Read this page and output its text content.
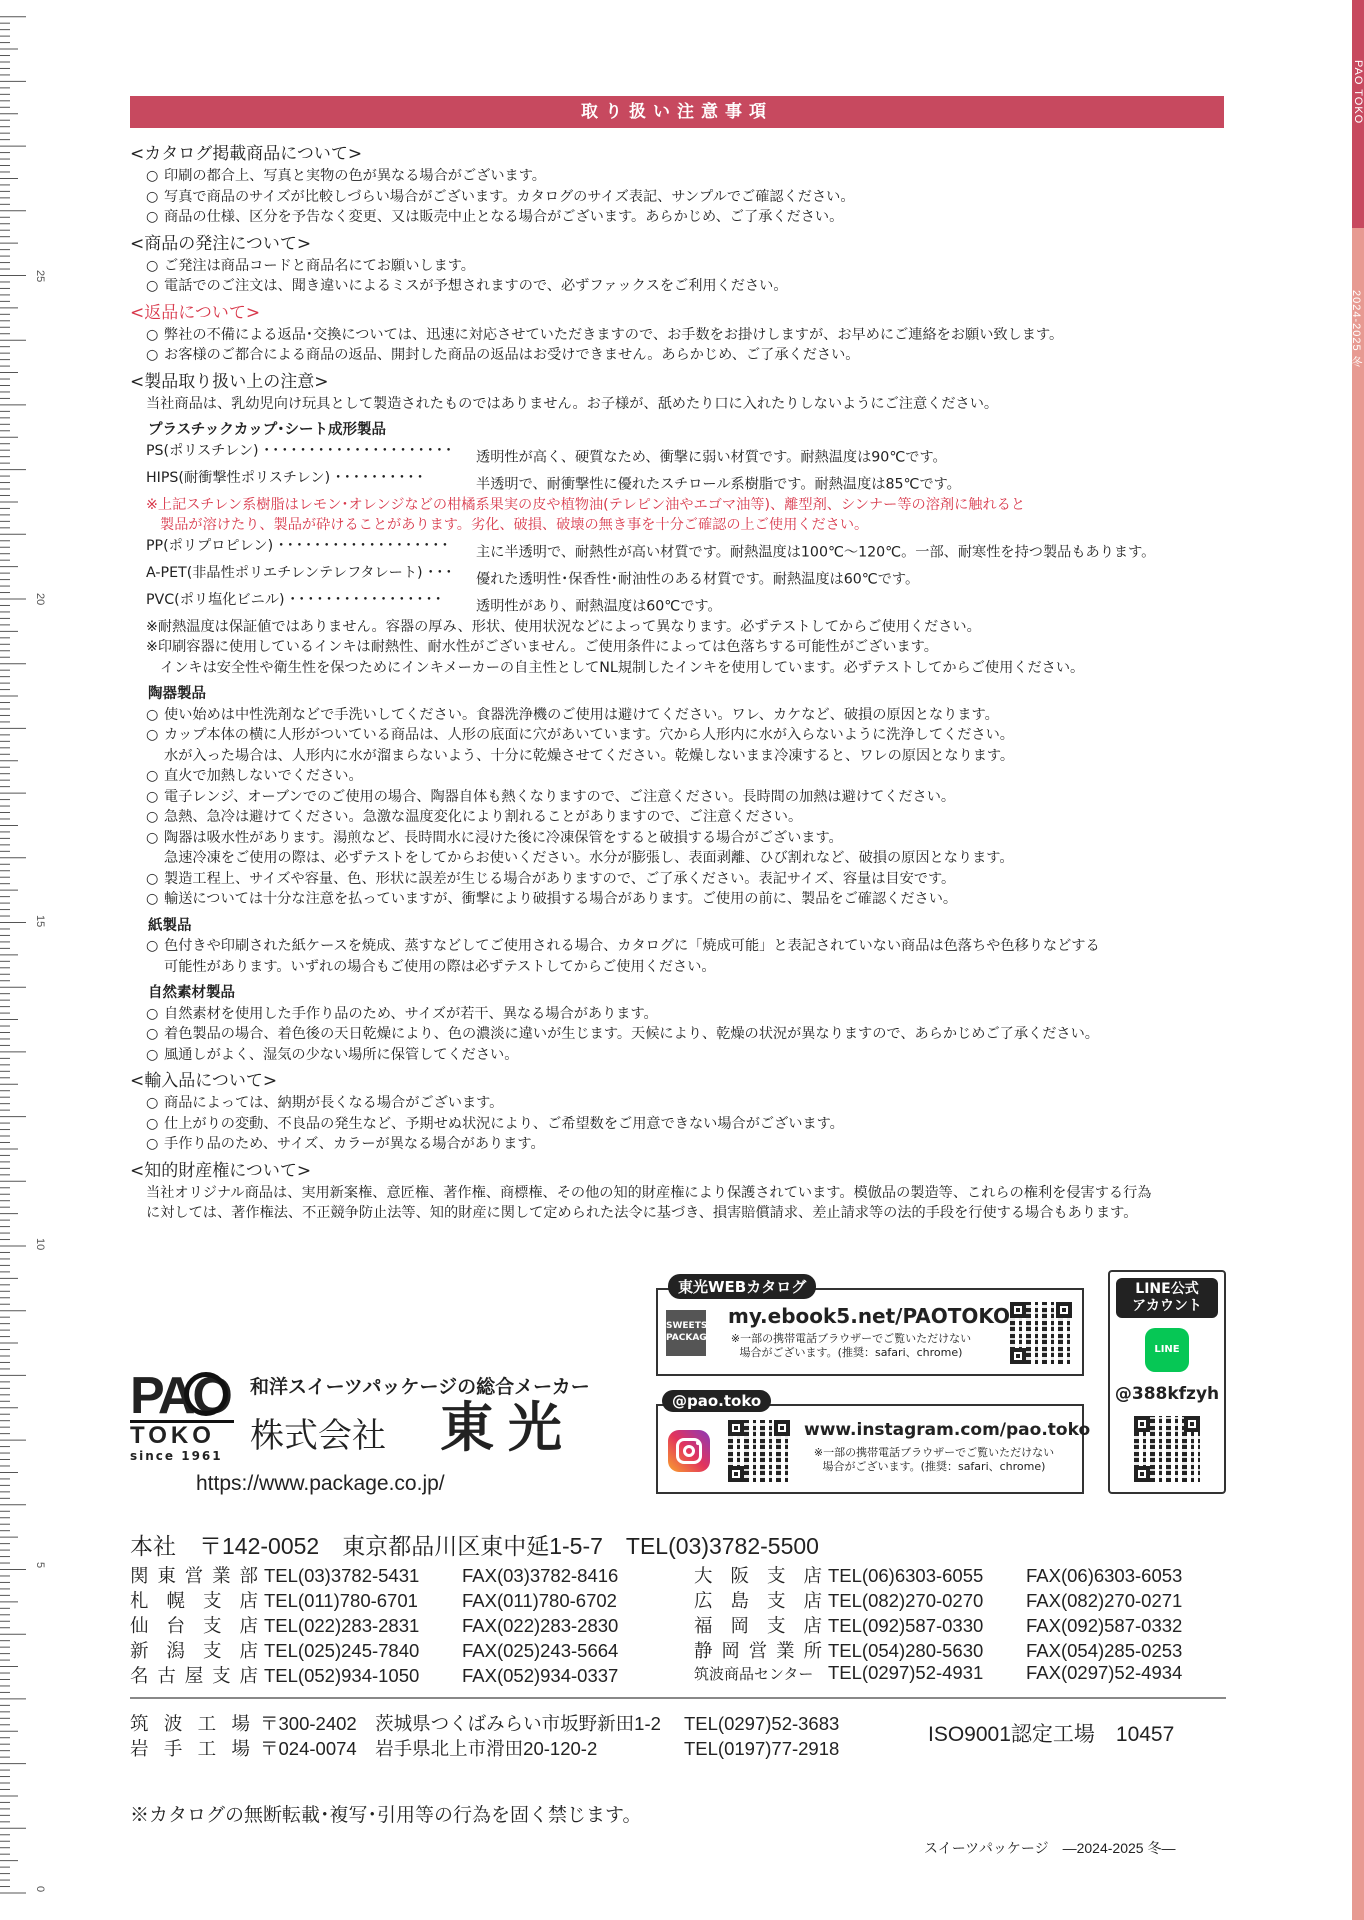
25
20
15
10
5
0
PAO TOKO
2024-2025 冬
取り扱い注意事項
<カタログ掲載商品について>
○ 印刷の都合上、写真と実物の色が異なる場合がございます。
○ 写真で商品のサイズが比較しづらい場合がございます。カタログのサイズ表記、サンプルでご確認ください。
○ 商品の仕様、区分を予告なく変更、又は販売中止となる場合がございます。あらかじめ、ご了承ください。
<商品の発注について>
○ ご発注は商品コードと商品名にてお願いします。
○ 電話でのご注文は、聞き違いによるミスが予想されますので、必ずファックスをご利用ください。
<返品について>
○ 弊社の不備による返品･交換については、迅速に対応させていただきますので、お手数をお掛けしますが、お早めにご連絡をお願い致します。
○ お客様のご都合による商品の返品、開封した商品の返品はお受けできません。あらかじめ、ご了承ください。
<製品取り扱い上の注意>
当社商品は、乳幼児向け玩具として製造されたものではありません。お子様が、舐めたり口に入れたりしないようにご注意ください。
プラスチックカップ･シート成形製品
PS(ポリスチレン) ･････････････････････ 透明性が高く、硬質なため、衝撃に弱い材質です。耐熱温度は90℃です。
HIPS(耐衝撃性ポリスチレン) ･･････････	半透明で、耐衝撃性に優れたスチロール系樹脂です。耐熱温度は85℃です。
※上記スチレン系樹脂はレモン･オレンジなどの柑橘系果実の皮や植物油(テレピン油やエゴマ油等)、離型剤、シンナー等の溶剤に触れると
製品が溶けたり、製品が砕けることがあります。劣化、破損、破壊の無き事を十分ご確認の上ご使用ください。
PP(ポリプロピレン) ･･･････････････････ 主に半透明で、耐熱性が高い材質です。耐熱温度は100℃～120℃。一部、耐寒性を持つ製品もあります。
A-PET(非晶性ポリエチレンテレフタレート) ･･･ 優れた透明性･保香性･耐油性のある材質です。耐熱温度は60℃です。
PVC(ポリ塩化ビニル) ･････････････････ 透明性があり、耐熱温度は60℃です。
※耐熱温度は保証値ではありません。容器の厚み、形状、使用状況などによって異なります。必ずテストしてからご使用ください。
※印刷容器に使用しているインキは耐熱性、耐水性がございません。ご使用条件によっては色落ちする可能性がございます。
インキは安全性や衛生性を保つためにインキメーカーの自主性としてNL規制したインキを使用しています。必ずテストしてからご使用ください。
陶器製品
○ 使い始めは中性洗剤などで手洗いしてください。食器洗浄機のご使用は避けてください。ワレ、カケなど、破損の原因となります。
○ カップ本体の横に人形がついている商品は、人形の底面に穴があいています。穴から人形内に水が入らないように洗浄してください。
水が入った場合は、人形内に水が溜まらないよう、十分に乾燥させてください。乾燥しないまま冷凍すると、ワレの原因となります。
○ 直火で加熱しないでください。
○ 電子レンジ、オーブンでのご使用の場合、陶器自体も熱くなりますので、ご注意ください。長時間の加熱は避けてください。
○ 急熱、急冷は避けてください。急激な温度変化により割れることがありますので、ご注意ください。
○ 陶器は吸水性があります。湯煎など、長時間水に浸けた後に冷凍保管をすると破損する場合がございます。
急速冷凍をご使用の際は、必ずテストをしてからお使いください。水分が膨張し、表面剥離、ひび割れなど、破損の原因となります。
○ 製造工程上、サイズや容量、色、形状に誤差が生じる場合がありますので、ご了承ください。表記サイズ、容量は目安です。
○ 輸送については十分な注意を払っていますが、衝撃により破損する場合があります。ご使用の前に、製品をご確認ください。
紙製品
○ 色付きや印刷された紙ケースを焼成、蒸すなどしてご使用される場合、カタログに「焼成可能」と表記されていない商品は色落ちや色移りなどする
可能性があります。いずれの場合もご使用の際は必ずテストしてからご使用ください。
自然素材製品
○ 自然素材を使用した手作り品のため、サイズが若干、異なる場合があります。
○ 着色製品の場合、着色後の天日乾燥により、色の濃淡に違いが生じます。天候により、乾燥の状況が異なりますので、あらかじめご了承ください。
○ 風通しがよく、湿気の少ない場所に保管してください。
<輸入品について>
○ 商品によっては、納期が長くなる場合がございます。
○ 仕上がりの変動、不良品の発生など、予期せぬ状況により、ご希望数をご用意できない場合がございます。
○ 手作り品のため、サイズ、カラーが異なる場合があります。
<知的財産権について>
当社オリジナル商品は、実用新案権、意匠権、著作権、商標権、その他の知的財産権により保護されています。模倣品の製造等、これらの権利を侵害する行為
に対しては、著作権法、不正競争防止法等、知的財産に関して定められた法令に基づき、損害賠償請求、差止請求等の法的手段を行使する場合もあります。
SWEETS
PACKAGE
my.ebook5.net/PAOTOKO
※一部の携帯電話ブラウザーでご覧いただけない
場合がございます。(推奨：safari、chrome)
東光WEBカタログ
www.instagram.com/pao.toko
※一部の携帯電話ブラウザーでご覧いただけない
場合がございます。(推奨：safari、chrome)
@pao.toko
LINE公式
アカウント
LINE
@388kfzyh
PAO
TOKO
since 1961
和洋スイーツパッケージの総合メーカー
株式会社 東光
https://www.package.co.jp/
本社　〒142-0052　東京都品川区東中延1-5-7　TEL(03)3782-5500
関東営業部 TEL(03)3782-5431 FAX(03)3782-8416
札幌支店 TEL(011)780-6701 FAX(011)780-6702
仙台支店 TEL(022)283-2831 FAX(022)283-2830
新潟支店 TEL(025)245-7840 FAX(025)243-5664
名古屋支店 TEL(052)934-1050 FAX(052)934-0337
大阪支店 TEL(06)6303-6055 FAX(06)6303-6053
広島支店 TEL(082)270-0270 FAX(082)270-0271
福岡支店 TEL(092)587-0330 FAX(092)587-0332
静岡営業所 TEL(054)280-5630 FAX(054)285-0253
筑波商品センター TEL(0297)52-4931 FAX(0297)52-4934
筑波工場 〒300-2402　茨城県つくばみらい市坂野新田1-2 TEL(0297)52-3683
岩手工場 〒024-0074　岩手県北上市滑田20-120-2	TEL(0197)77-2918
ISO9001認定工場　10457
※カタログの無断転載･複写･引用等の行為を固く禁じます。
スイーツパッケージ　―2024-2025 冬―
